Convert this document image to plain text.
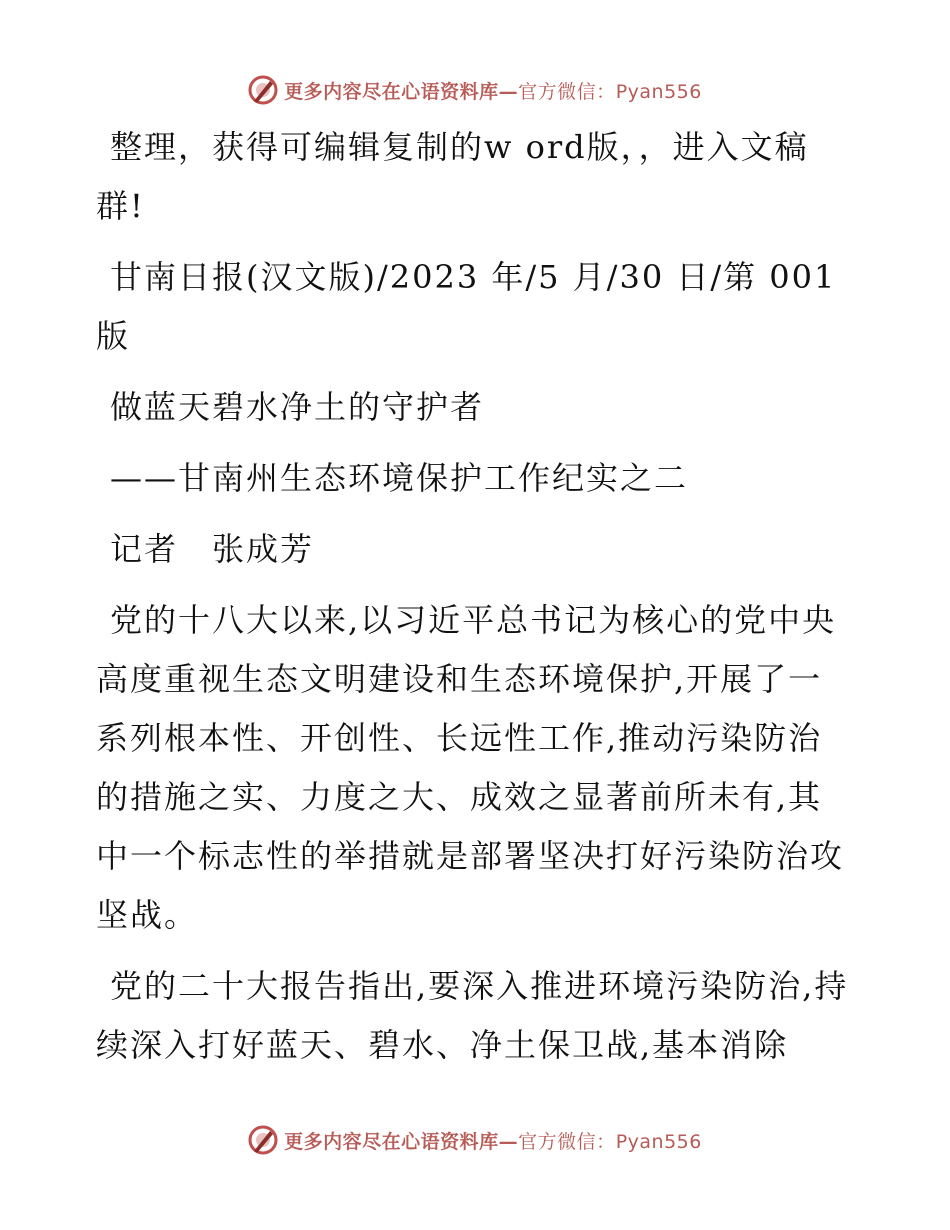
更多内容尽在心语资料库—官方微信：Pyan556

整理，获得可编辑复制的w ord版，，进入文稿群!

甘南日报(汉文版)/2023 年/5 月/30 日/第 001 版

做蓝天碧水净土的守护者

——甘南州生态环境保护工作纪实之二

记者　张成芳

党的十八大以来,以习近平总书记为核心的党中央高度重视生态文明建设和生态环境保护,开展了一系列根本性、开创性、长远性工作,推动污染防治的措施之实、力度之大、成效之显著前所未有,其中一个标志性的举措就是部署坚决打好污染防治攻坚战。

党的二十大报告指出,要深入推进环境污染防治,持续深入打好蓝天、碧水、净土保卫战,基本消除

更多内容尽在心语资料库—官方微信：Pyan556
